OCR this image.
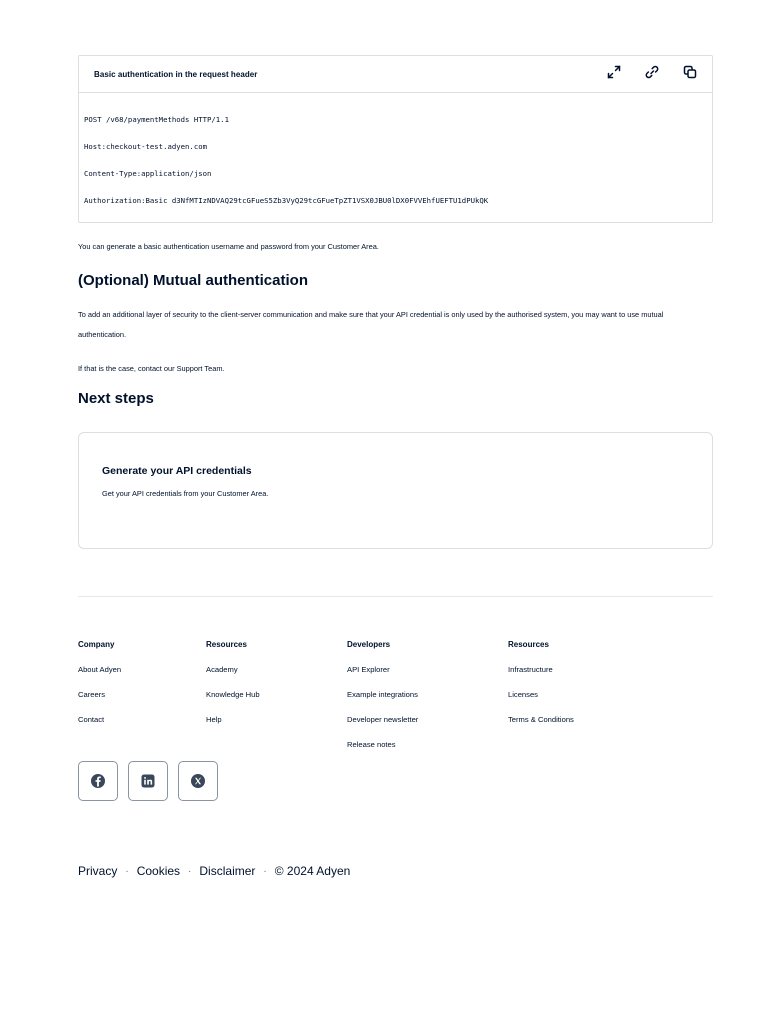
Basic authentication in the request header
POST /v68/paymentMethods HTTP/1.1
Host:checkout-test.adyen.com
Content-Type:application/json
Authorization:Basic d3NfMTIzNDVAQ29tcGFueS5Zb3VyQ29tcGFueTpZT1VSX0JBU0lDX0FVVEhfUEFTU1dPUkQK
You can generate a basic authentication username and password from your Customer Area.
(Optional) Mutual authentication
To add an additional layer of security to the client-server communication and make sure that your API credential is only used by the authorised system, you may want to use mutual authentication.
If that is the case, contact our Support Team.
Next steps
Generate your API credentials
Get your API credentials from your Customer Area.
Company
About Adyen
Careers
Contact
Resources
Academy
Knowledge Hub
Help
Developers
API Explorer
Example integrations
Developer newsletter
Release notes
Resources
Infrastructure
Licenses
Terms & Conditions
Privacy · Cookies · Disclaimer · © 2024 Adyen
